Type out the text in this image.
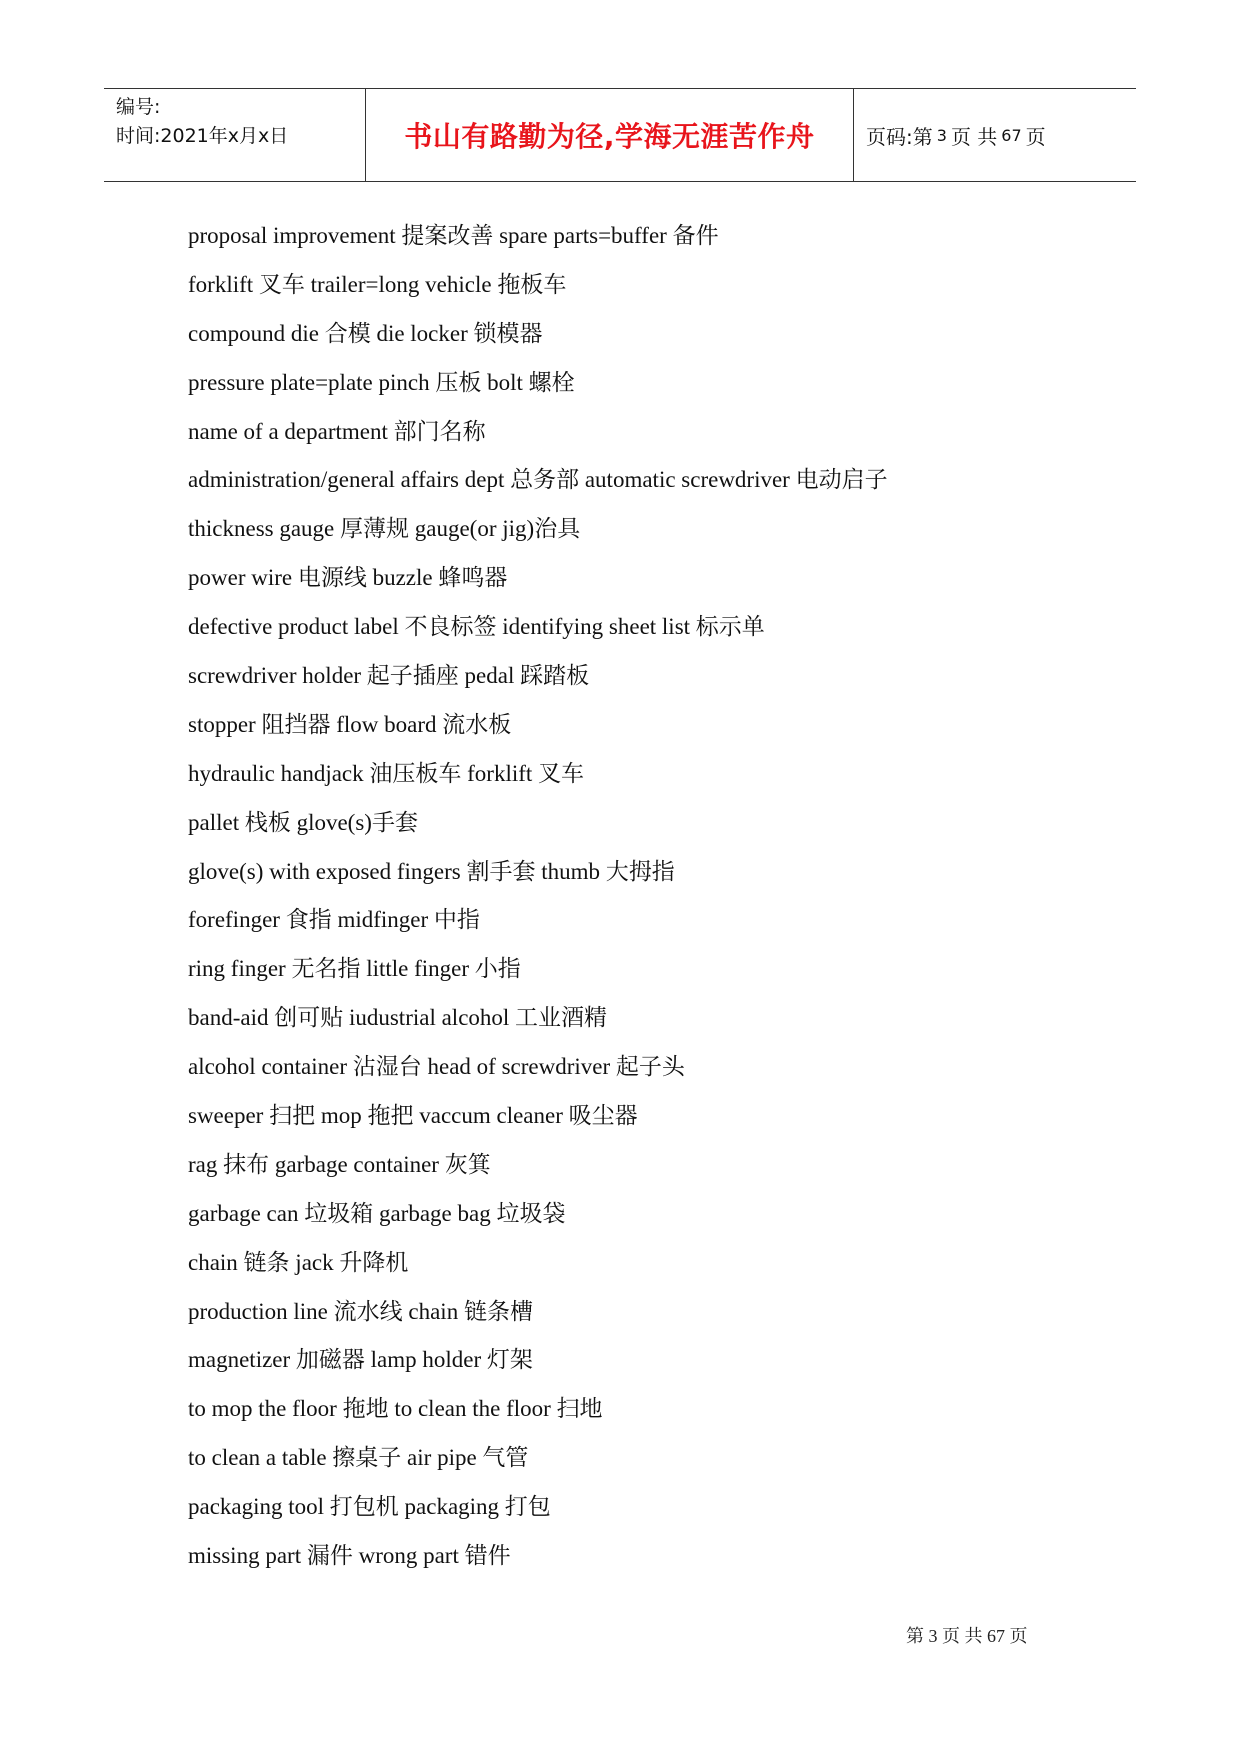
编号:
时间:2021年x月x日	书山有路勤为径,学海无涯苦作舟	页码:第 3 页 共 67 页
proposal improvement 提案改善 spare parts=buffer 备件
forklift 叉车 trailer=long vehicle 拖板车
compound die 合模 die locker 锁模器
pressure plate=plate pinch 压板 bolt 螺栓
name of a department 部门名称
administration/general affairs dept 总务部 automatic screwdriver 电动启子
thickness gauge 厚薄规 gauge(or jig)治具
power wire 电源线 buzzle 蜂鸣器
defective product label 不良标签 identifying sheet list 标示单
screwdriver holder 起子插座 pedal 踩踏板
stopper 阻挡器 flow board 流水板
hydraulic handjack 油压板车 forklift 叉车
pallet 栈板 glove(s)手套
glove(s) with exposed fingers 割手套 thumb 大拇指
forefinger 食指 midfinger 中指
ring finger 无名指 little finger 小指
band-aid 创可贴 iudustrial alcohol 工业酒精
alcohol container 沾湿台 head of screwdriver 起子头
sweeper 扫把 mop 拖把 vaccum cleaner 吸尘器
rag 抹布 garbage container 灰箕
garbage can 垃圾箱 garbage bag 垃圾袋
chain 链条 jack 升降机
production line 流水线 chain 链条槽
magnetizer 加磁器 lamp holder 灯架
to mop the floor 拖地 to clean the floor 扫地
to clean a table 擦桌子 air pipe 气管
packaging tool 打包机 packaging 打包
missing part 漏件 wrong part 错件
第 3 页 共 67 页
